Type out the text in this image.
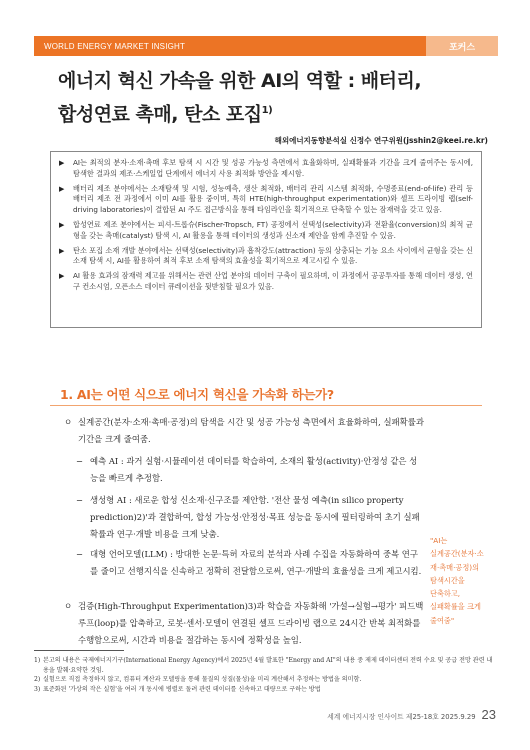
WORLD ENERGY MARKET INSIGHT	포커스
에너지 혁신 가속을 위한 AI의 역할 : 배터리,
합성연료 촉매, 탄소 포집$^{1)}$
해외에너지동향분석실 신정수 연구위원(jsshin2@keei.re.kr)
▶	AI는 최적의 분자·소재·촉매 후보 탐색 시 시간 및 성공 가능성 측면에서 효율화하며, 실패확률과 기간을 크게 줄여주는 동시에, 탐색한 결과의 제조·스케일업 단계에서 에너지 사용 최적화 방안을 제시함.
▶	배터리 제조 분야에서는 소재탐색 및 시험, 성능예측, 생산 최적화, 배터리 관리 시스템 최적화, 수명종료(end-of-life) 관리 등 배터리 제조 전 과정에서 이미 AI를 활용 중이며, 특히 HTE(high-throughput experimentation)와 셀프 드라이빙 랩(self-driving laboratories)이 결합된 AI 주도 접근방식을 통해 타임라인을 획기적으로 단축할 수 있는 잠재력을 갖고 있음.
▶	합성연료 제조 분야에서는 피셔-트롭슈(Fischer-Tropsch, FT) 공정에서 선택성(selectivity)과 전환율(conversion)의 최적 균형을 갖는 촉매(catalyst) 탐색 시, AI 활용을 통해 데이터의 생성과 신소재 제안을 함께 추진할 수 있음.
▶	탄소 포집 소재 개발 분야에서는 선택성(selectivity)과 흡착강도(attraction) 등의 상충되는 기능 요소 사이에서 균형을 갖는 신소재 탐색 시, AI를 활용하여 최적 후보 소재 탐색의 효율성을 획기적으로 제고시킬 수 있음.
▶	AI 활용 효과의 잠재력 제고를 위해서는 관련 산업 분야의 데이터 구축이 필요하며, 이 과정에서 공공투자를 통해 데이터 생성, 연구 컨소시엄, 오픈소스 데이터 큐레이션을 뒷받침할 필요가 있음.
1. AI는 어떤 식으로 에너지 혁신을 가속화 하는가?
ㅇ 실계공간(분자·소재·촉매·공정)의 탐색을 시간 및 성공 가능성 측면에서 효율화하여, 실패확률과 기간을 크게 줄여줌.
− 예측 AI : 과거 실험·시뮬레이션 데이터를 학습하여, 소재의 활성(activity)·안정성 같은 성능을 빠르게 추정함.
− 생성형 AI : 새로운 합성 신소재·신구조를 제안함. '전산 물성 예측(in silico property prediction)2)'과 결합하여, 합성 가능성·안정성·목표 성능을 동시에 필터링하여 초기 실패 확률과 연구·개발 비용을 크게 낮춤.
− 대형 언어모델(LLM) : 방대한 논문·특허 자료의 분석과 사례 수집을 자동화하여 중복 연구를 줄이고 선행지식을 신속하고 정확히 전달함으로써, 연구·개발의 효율성을 크게 제고시킴.
ㅇ 검증(High-Throughput Experimentation)3)과 학습을 자동화해 '가설→실험→평가' 피드백 루프(loop)를 압축하고, 로봇·센서·모델이 연결된 셀프 드라이빙 랩으로 24시간 반복 최적화를 수행함으로써, 시간과 비용을 절감하는 동시에 정확성을 높임.
"AI는
실계공간(분자·소
재·촉매·공정)의
탐색시간을
단축하고,
실패확률을 크게
줄여줌"
1) 본고의 내용은 국제에너지기구(International Energy Agency)에서 2025년 4월 발표한 "Energy and AI"의 내용 중 제제 데이터센터 전력 수요 및 공급 전망 관련 내용을 발췌·요약한 것임.
2) 실험으로 직접 측정하지 않고, 컴퓨터 계산과 모델링을 통해 물질의 성질(물성)을 미리 계산해서 추정하는 방법을 의미함.
3) 표준화된 '가상의 작은 실험'을 여러 개 동시에 병렬로 돌려 관련 데이터를 신속하고 대량으로 구하는 방법
세계 에너지시장 인사이트 제25-18호 2025.9.29 23
